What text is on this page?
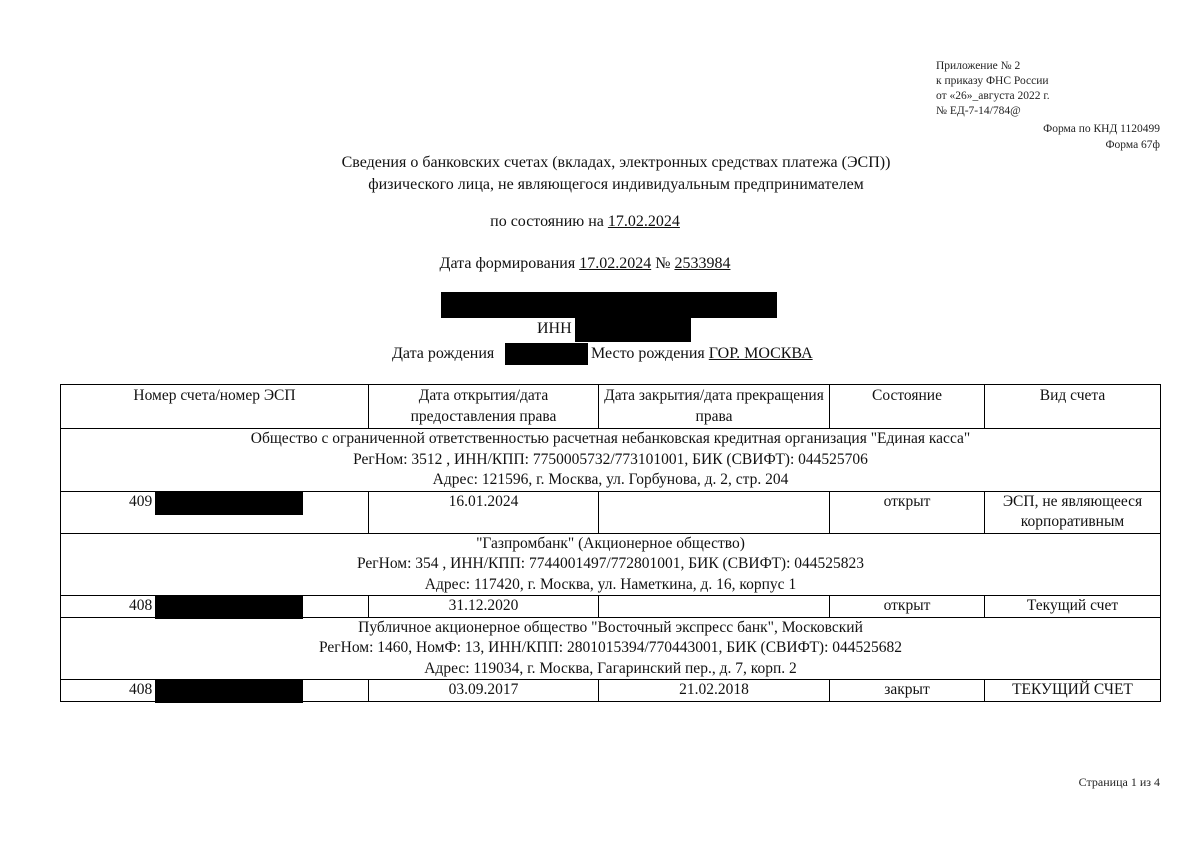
Приложение № 2
к приказу ФНС России
от «26»_августа 2022 г.
№ ЕД-7-14/784@
Форма по КНД 1120499
Форма 67ф
Сведения о банковских счетах (вкладах, электронных средствах платежа (ЭСП))
физического лица, не являющегося индивидуальным предпринимателем
по состоянию на 17.02.2024
Дата формирования 17.02.2024 № 2533984
ИНН
Дата рождения	Место рождения ГОР. МОСКВА
Номер счета/номер ЭСП	Дата открытия/дата предоставления права	Дата закрытия/дата прекращения права	Состояние	Вид счета

Общество с ограниченной ответственностью расчетная небанковская кредитная организация "Единая касса"
РегНом: 3512 , ИНН/КПП: 7750005732/773101001, БИК (СВИФТ): 044525706
Адрес: 121596, г. Москва, ул. Горбунова, д. 2, стр. 204				

409	16.01.2024		открыт	ЭСП, не являющееся корпоративным

"Газпромбанк" (Акционерное общество)
РегНом: 354 , ИНН/КПП: 7744001497/772801001, БИК (СВИФТ): 044525823
Адрес: 117420, г. Москва, ул. Наметкина, д. 16, корпус 1				

408	31.12.2020		открыт	Текущий счет

Публичное акционерное общество "Восточный экспресс банк", Московский
РегНом: 1460, НомФ: 13, ИНН/КПП: 2801015394/770443001, БИК (СВИФТ): 044525682
Адрес: 119034, г. Москва, Гагаринский пер., д. 7, корп. 2				

408	03.09.2017	21.02.2018	закрыт	ТЕКУЩИЙ СЧЕТ
Страница 1 из 4
